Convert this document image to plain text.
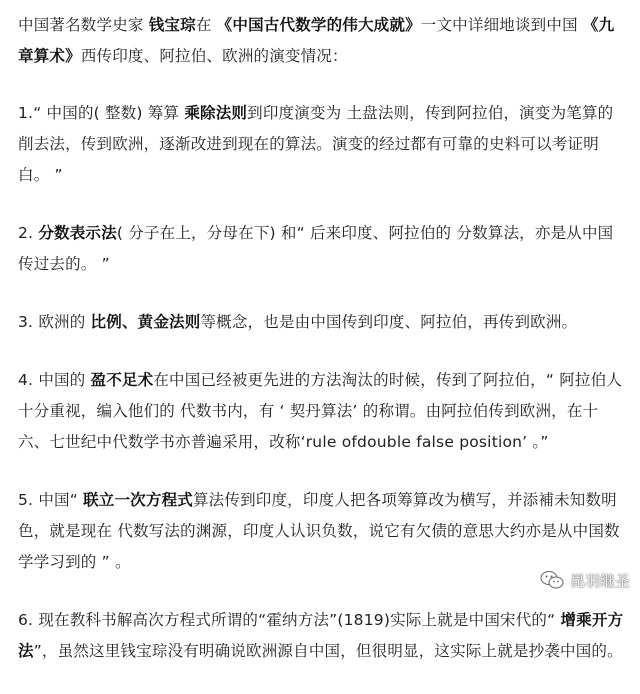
中国著名数学史家 钱宝琮在 《中国古代数学的伟大成就》一文中详细地谈到中国 《九章算术》西传印度、阿拉伯、欧洲的演变情况：

1.“ 中国的( 整数) 筹算 乘除法则到印度演变为 土盘法则，传到阿拉伯，演变为笔算的削去法，传到欧洲，逐渐改进到现在的算法。演变的经过都有可靠的史料可以考证明白。 ”

2. 分数表示法( 分子在上，分母在下) 和“ 后来印度、阿拉伯的 分数算法，亦是从中国传过去的。 ”

3. 欧洲的 比例、黄金法则等概念，也是由中国传到印度、阿拉伯，再传到欧洲。

4. 中国的 盈不足术在中国已经被更先进的方法淘汰的时候，传到了阿拉伯，“ 阿拉伯人十分重视，编入他们的 代数书内，有 ‘ 契丹算法’ 的称谓。由阿拉伯传到欧洲，在十六、七世纪中代数学书亦普遍采用，改称‘rule ofdouble false position’ 。”

5. 中国“ 联立一次方程式算法传到印度，印度人把各项筹算改为横写，并添補未知数明色，就是现在 代数写法的渊源，印度人认识负数，说它有欠债的意思大约亦是从中国数学学习到的 ” 。

6. 现在教科书解高次方程式所谓的“霍纳方法”(1819)实际上就是中国宋代的“ 增乘开方法”，虽然这里钱宝琮没有明确说欧洲源自中国，但很明显，这实际上就是抄袭中国的。

昆羽继圣
